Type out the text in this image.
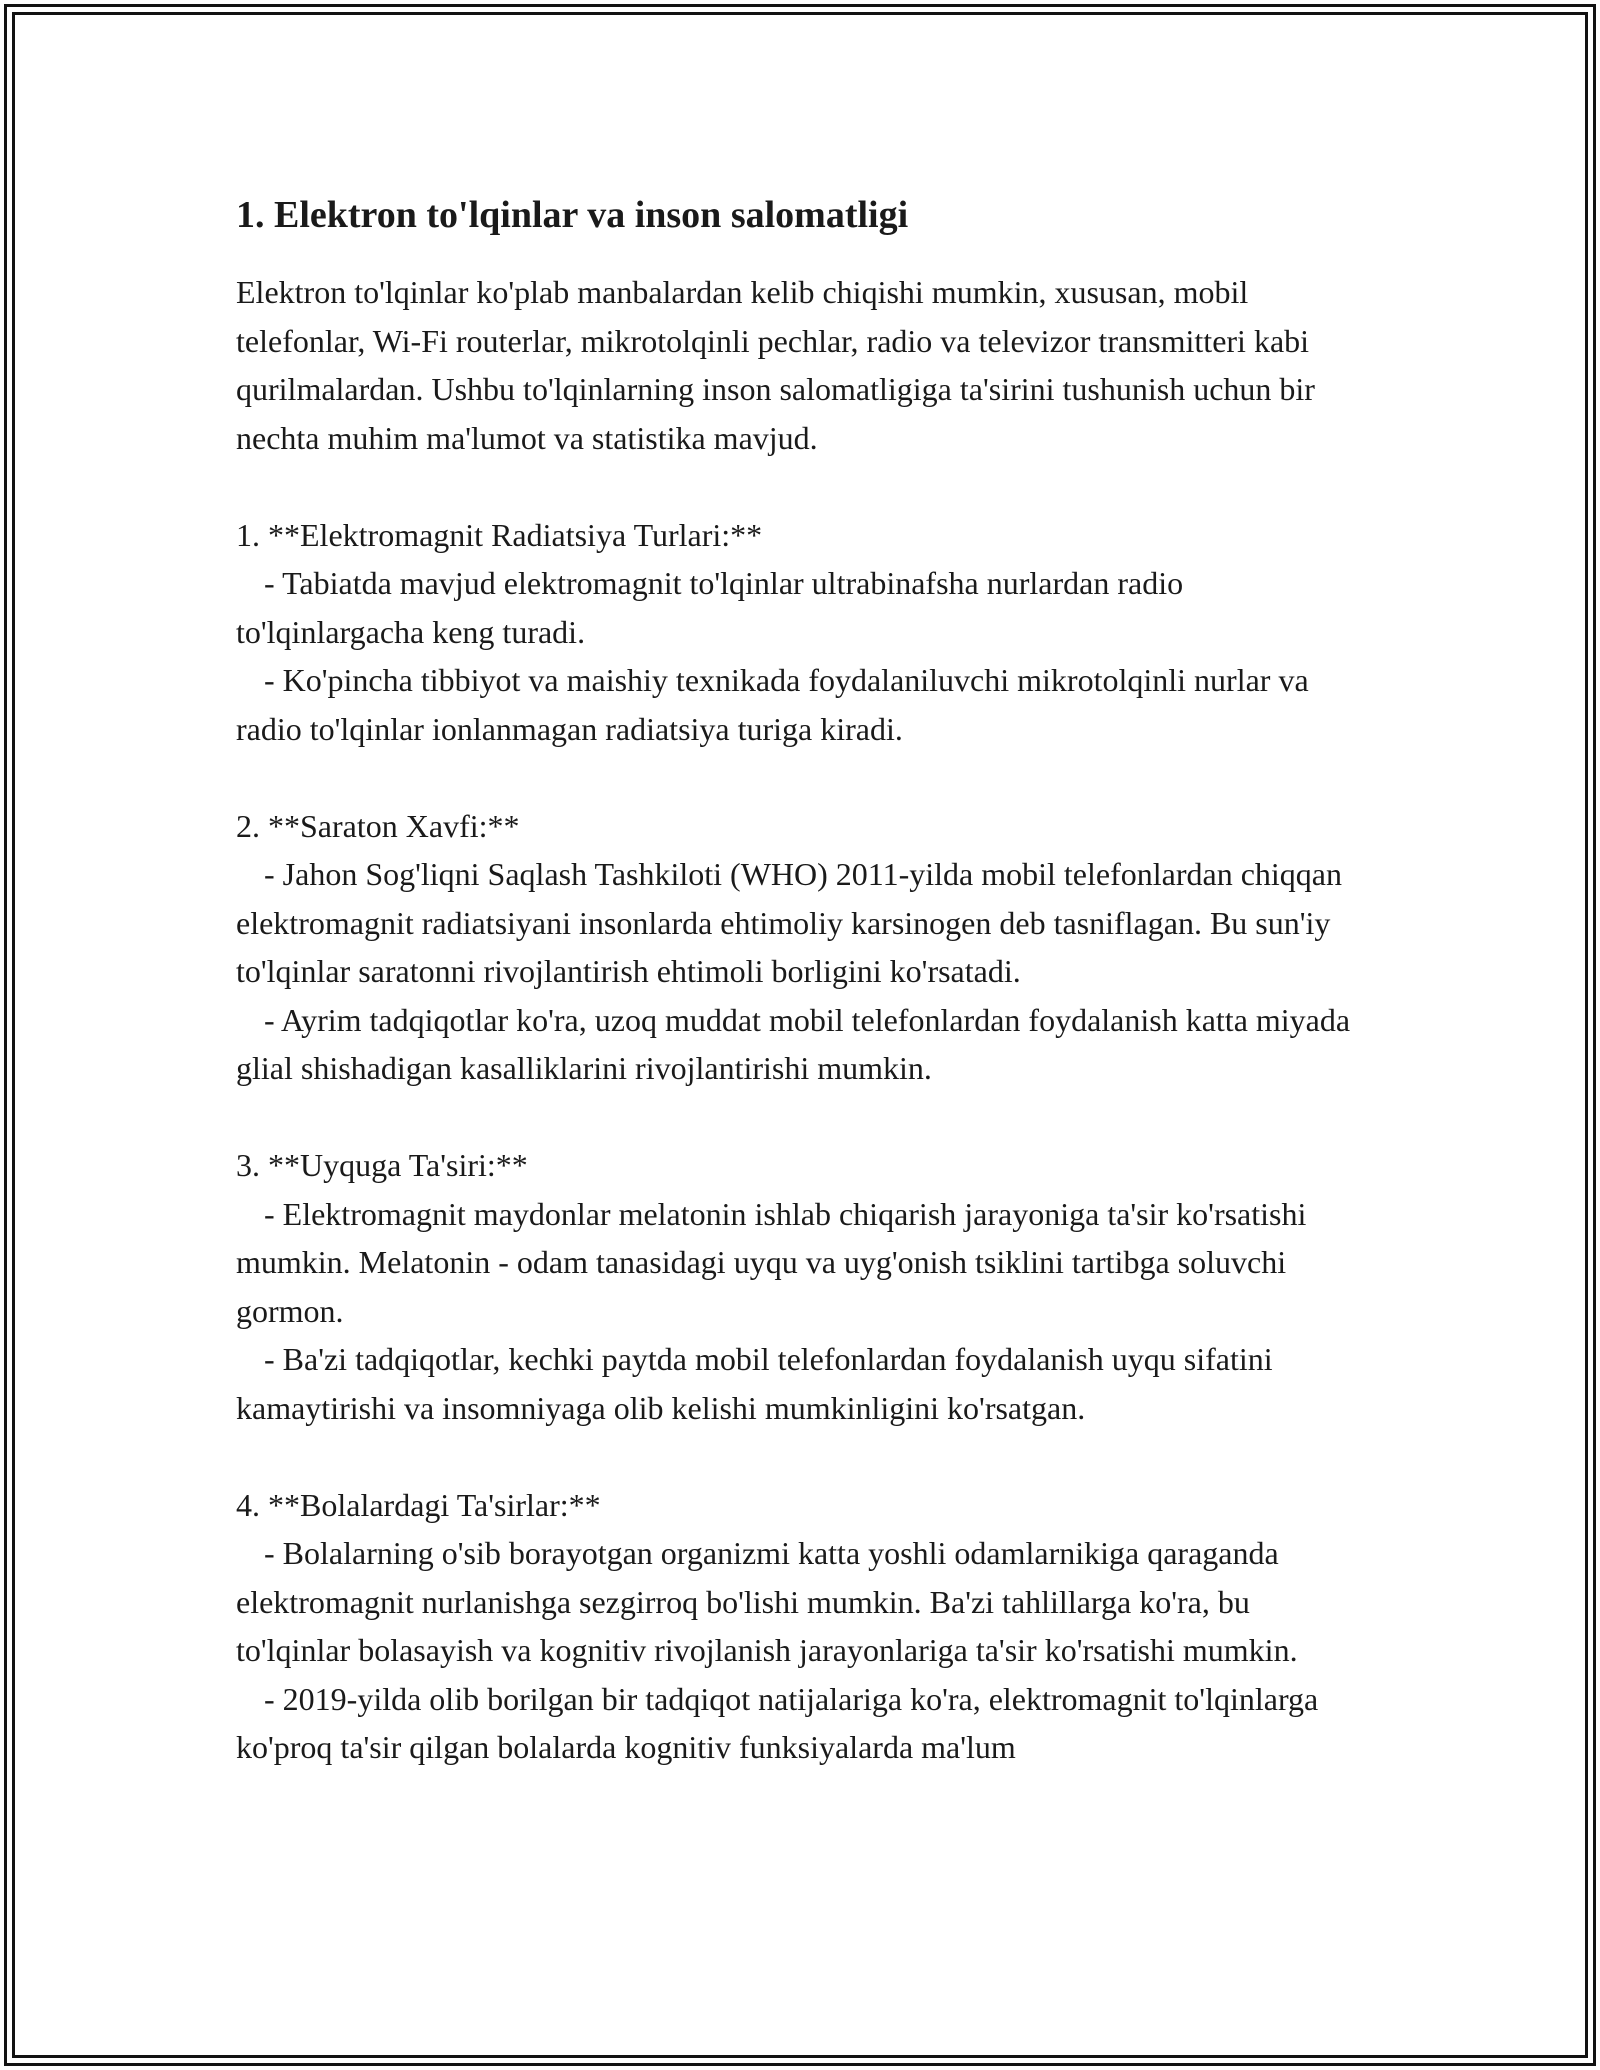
1. Elektron to'lqinlar va inson salomatligi

Elektron to'lqinlar ko'plab manbalardan kelib chiqishi mumkin, xususan, mobil telefonlar, Wi-Fi routerlar, mikrotolqinli pechlar, radio va televizor transmitteri kabi qurilmalardan. Ushbu to'lqinlarning inson salomatligiga ta'sirini tushunish uchun bir nechta muhim ma'lumot va statistika mavjud.

1. **Elektromagnit Radiatsiya Turlari:**
- Tabiatda mavjud elektromagnit to'lqinlar ultrabinafsha nurlardan radio to'lqinlargacha keng turadi.
- Ko'pincha tibbiyot va maishiy texnikada foydalaniluvchi mikrotolqinli nurlar va radio to'lqinlar ionlanmagan radiatsiya turiga kiradi.
2. **Saraton Xavfi:**
- Jahon Sog'liqni Saqlash Tashkiloti (WHO) 2011-yilda mobil telefonlardan chiqqan elektromagnit radiatsiyani insonlarda ehtimoliy karsinogen deb tasniflagan. Bu sun'iy to'lqinlar saratonni rivojlantirish ehtimoli borligini ko'rsatadi.
- Ayrim tadqiqotlar ko'ra, uzoq muddat mobil telefonlardan foydalanish katta miyada glial shishadigan kasalliklarini rivojlantirishi mumkin.
3. **Uyquga Ta'siri:**
- Elektromagnit maydonlar melatonin ishlab chiqarish jarayoniga ta'sir ko'rsatishi mumkin. Melatonin - odam tanasidagi uyqu va uyg'onish tsiklini tartibga soluvchi gormon.
- Ba'zi tadqiqotlar, kechki paytda mobil telefonlardan foydalanish uyqu sifatini kamaytirishi va insomniyaga olib kelishi mumkinligini ko'rsatgan.
4. **Bolalardagi Ta'sirlar:**
- Bolalarning o'sib borayotgan organizmi katta yoshli odamlarnikiga qaraganda elektromagnit nurlanishga sezgirroq bo'lishi mumkin. Ba'zi tahlillarga ko'ra, bu to'lqinlar bolasayish va kognitiv rivojlanish jarayonlariga ta'sir ko'rsatishi mumkin.
- 2019-yilda olib borilgan bir tadqiqot natijalariga ko'ra, elektromagnit to'lqinlarga ko'proq ta'sir qilgan bolalarda kognitiv funksiyalarda ma'lum
